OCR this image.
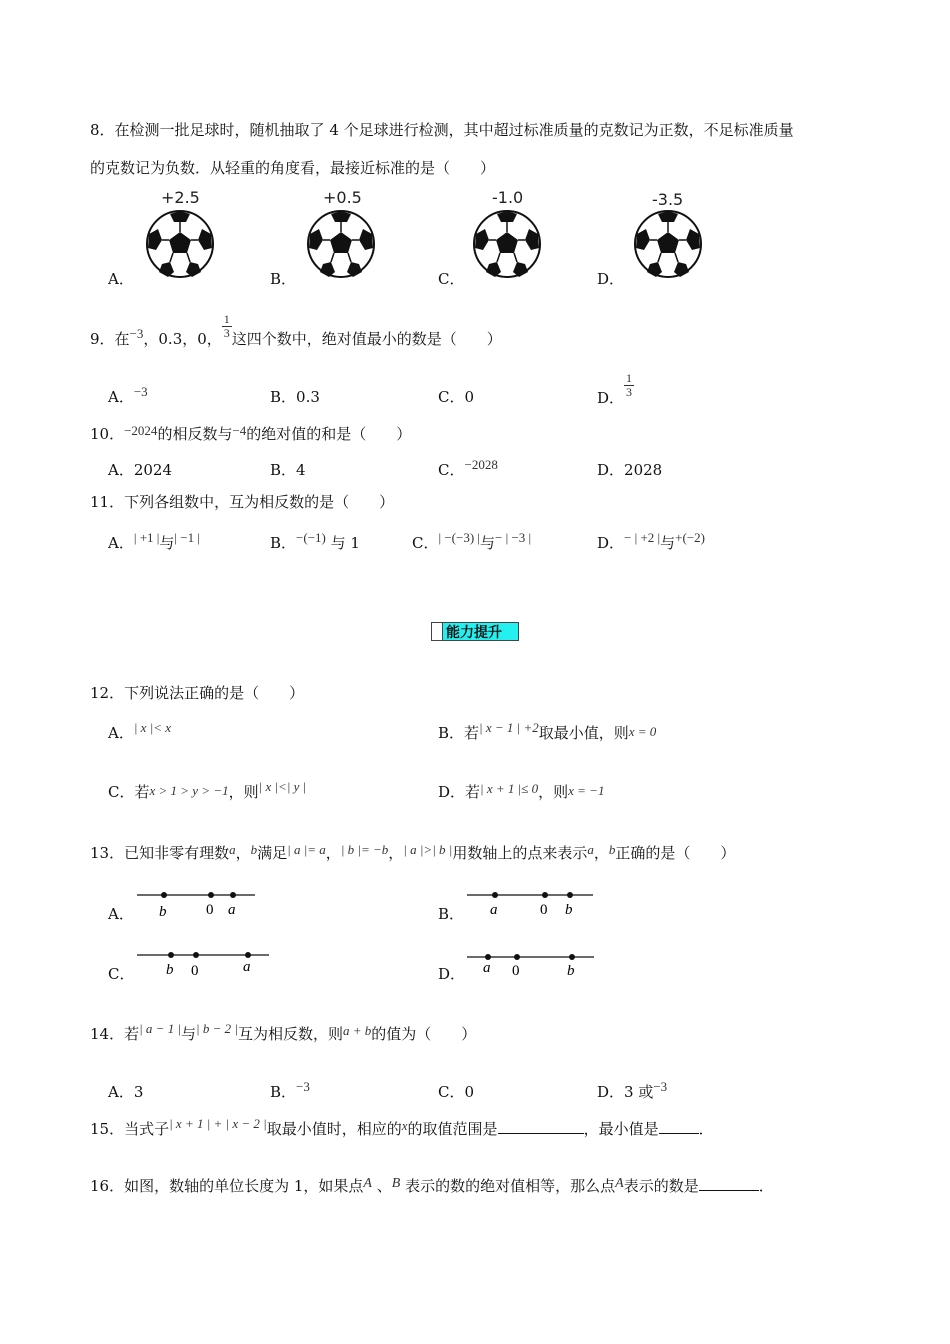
8．在检测一批足球时，随机抽取了 4 个足球进行检测，其中超过标准质量的克数记为正数，不足标准质量
的克数记为负数．从轻重的角度看，最接近标准的是（　　）
A．
+2.5
B．
+0.5
C．
-1.0
D．
-3.5
9．在−3，0.3，0， $\frac{1}{3}$ 这四个数中，绝对值最小的数是（　　）
A．−3	B．0.3	C．0	D． $\frac{1}{3}$
10．−2024的相反数与−4的绝对值的和是（　　）
A．2024	B．4	C．−2028	D．2028
11．下列各组数中，互为相反数的是（　　）
A．| +1 |与| −1 |	B．−(−1) 与 1	C．| −(−3) |与− | −3 |	D．− | +2 |与+(−2)
能力提升
12．下列说法正确的是（　　）
A．| x |< x	B．若| x − 1 | +2取最小值，则x = 0
C．若x > 1 > y > −1，则| x |<| y |	D．若| x + 1 |≤ 0，则x = −1
13．已知非零有理数a，b满足| a |= a，| b |= −b，| a |>| b |用数轴上的点来表示a，b正确的是（　　）
A． b	0 a	B． a	0 b
C． b 0	a	D． a 0	b
14．若| a − 1 |与| b − 2 |互为相反数，则a + b的值为（　　）
A．3	B．−3	C．0	D．3 或−3
15．当式子| x + 1 | + | x − 2 |取最小值时，相应的x的取值范围是	，最小值是	．
16．如图，数轴的单位长度为 1，如果点A 、B 表示的数的绝对值相等，那么点A表示的数是	．
